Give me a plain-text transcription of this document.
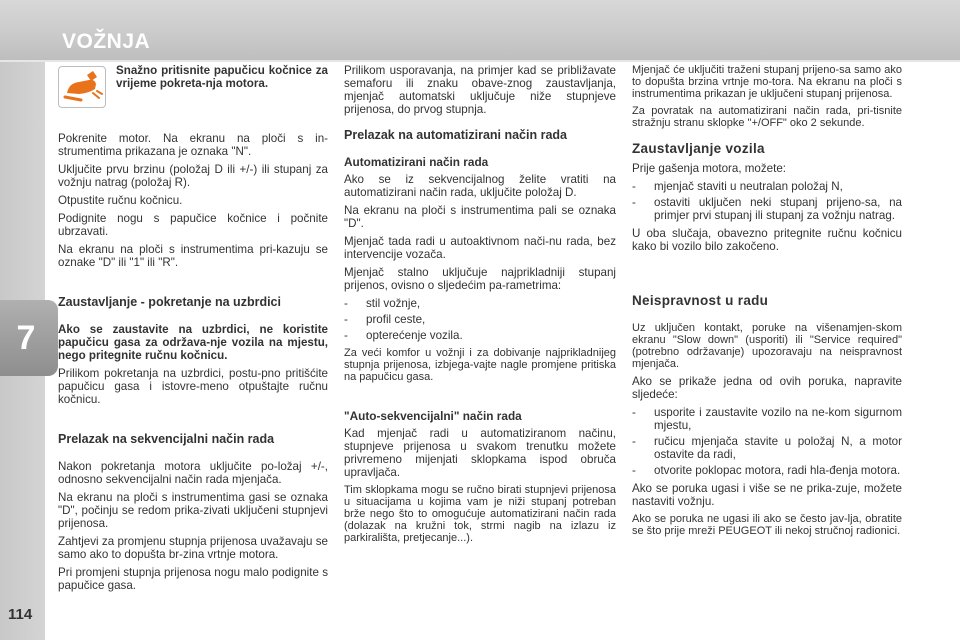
VOŽNJA
7
114
Snažno pritisnite papučicu kočnice za vrijeme pokreta-nja motora.

Pokrenite motor. Na ekranu na ploči s in-strumentima prikazana je oznaka "N".

Uključite prvu brzinu (položaj D ili +/-) ili stupanj za vožnju natrag (položaj R).

Otpustite ručnu kočnicu.

Podignite nogu s papučice kočnice i počnite ubrzavati.

Na ekranu na ploči s instrumentima pri-kazuju se oznake "D" ili "1" ili "R".

Zaustavljanje - pokretanje na uzbrdici

Ako se zaustavite na uzbrdici, ne koristite papučicu gasa za održava-nje vozila na mjestu, nego pritegnite ručnu kočnicu.

Prilikom pokretanja na uzbrdici, postu-pno pritišćite papučicu gasa i istovre-meno otpuštajte ručnu kočnicu.

Prelazak na sekvencijalni način rada

Nakon pokretanja motora uključite po-ložaj +/-, odnosno sekvencijalni način rada mjenjača.

Na ekranu na ploči s instrumentima gasi se oznaka "D", počinju se redom prika-zivati uključeni stupnjevi prijenosa.

Zahtjevi za promjenu stupnja prijenosa uvažavaju se samo ako to dopušta br-zina vrtnje motora.

Pri promjeni stupnja prijenosa nogu malo podignite s papučice gasa.

Prilikom usporavanja, na primjer kad se približavate semaforu ili znaku obave-znog zaustavljanja, mjenjač automatski uključuje niže stupnjeve prijenosa, do prvog stupnja.

Prelazak na automatizirani način rada
Automatizirani način rada

Ako se iz sekvencijalnog želite vratiti na automatizirani način rada, uključite položaj D.

Na ekranu na ploči s instrumentima pali se oznaka "D".

Mjenjač tada radi u autoaktivnom nači-nu rada, bez intervencije vozača.

Mjenjač stalno uključuje najprikladniji stupanj prijenos, ovisno o sljedećim pa-rametrima:

- stil vožnje,
- profil ceste,
- opterećenje vozila.

Za veći komfor u vožnji i za dobivanje najprikladnijeg stupnja prijenosa, izbjega-vajte nagle promjene pritiska na papučicu gasa.

"Auto-sekvencijalni" način rada

Kad mjenjač radi u automatiziranom načinu, stupnjeve prijenosa u svakom trenutku možete privremeno mijenjati sklopkama ispod obruča upravljača.

Tim sklopkama mogu se ručno birati stupnjevi prijenosa u situacijama u kojima vam je niži stupanj potreban brže nego što to omogućuje automatizirani način rada (dolazak na kružni tok, strmi nagib na izlazu iz parkirališta, pretjecanje...).

Mjenjač će uključiti traženi stupanj prijeno-sa samo ako to dopušta brzina vrtnje mo-tora. Na ekranu na ploči s instrumentima prikazan je uključeni stupanj prijenosa.

Za povratak na automatizirani način rada, pri-tisnite stražnju stranu sklopke "+/OFF" oko 2 sekunde.

Zaustavljanje vozila

Prije gašenja motora, možete:

- mjenjač staviti u neutralan položaj N,
- ostaviti uključen neki stupanj prijeno-sa, na primjer prvi stupanj ili stupanj za vožnju natrag.

U oba slučaja, obavezno pritegnite ručnu kočnicu kako bi vozilo bilo zakočeno.

Neispravnost u radu

Uz uključen kontakt, poruke na višenamjen-skom ekranu "Slow down" (usporiti) ili "Service required" (potrebno održavanje) upozoravaju na neispravnost mjenjača.

Ako se prikaže jedna od ovih poruka, napravite sljedeće:

- usporite i zaustavite vozilo na ne-kom sigurnom mjestu,
- ručicu mjenjača stavite u položaj N, a motor ostavite da radi,
- otvorite poklopac motora, radi hla-đenja motora.

Ako se poruka ugasi i više se ne prika-zuje, možete nastaviti vožnju.

Ako se poruka ne ugasi ili ako se često jav-lja, obratite se što prije mreži PEUGEOT ili nekoj stručnoj radionici.
